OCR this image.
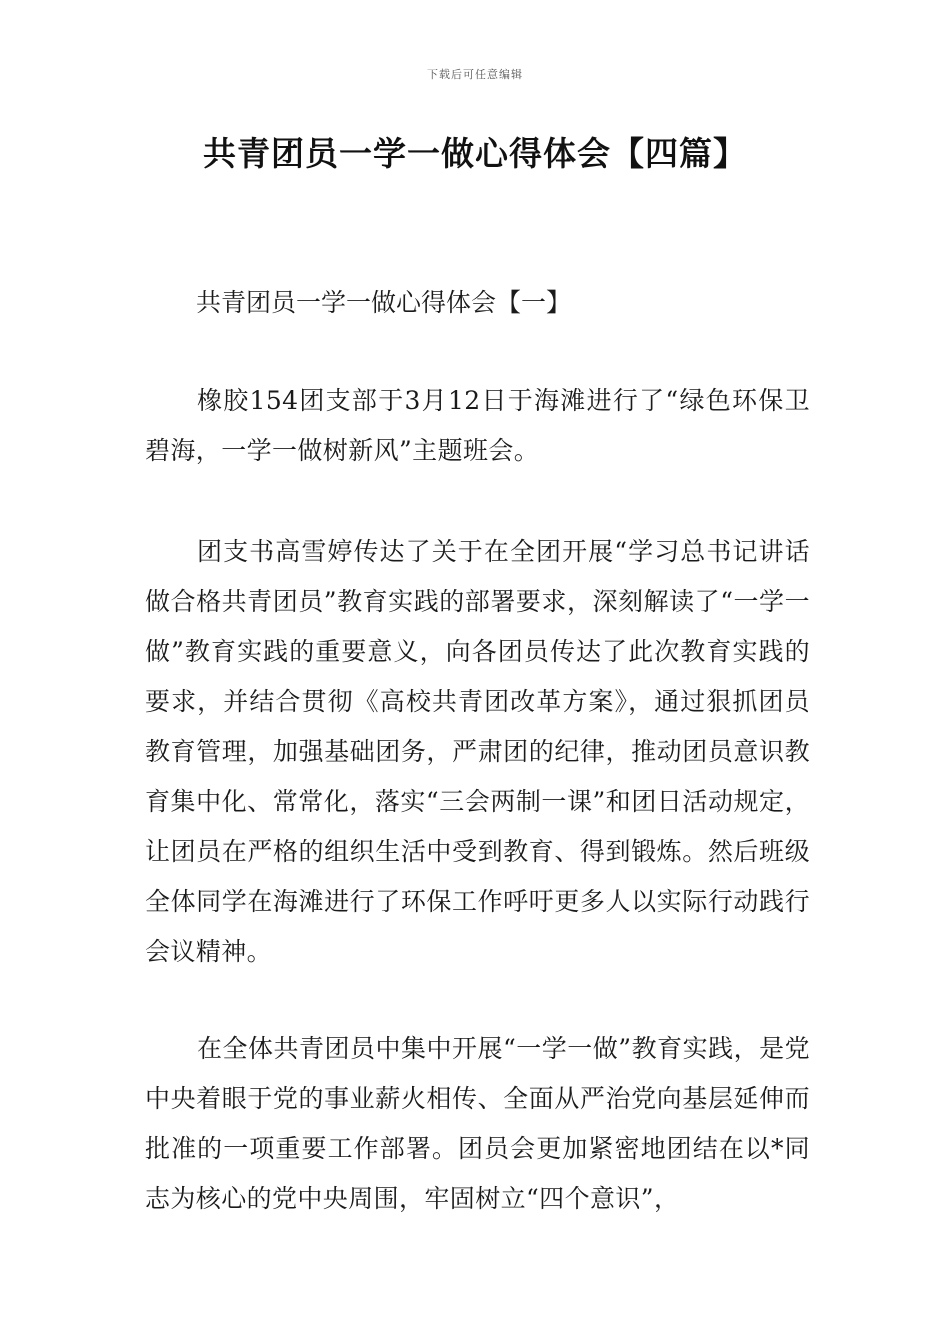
下载后可任意编辑
共青团员一学一做心得体会【四篇】
共青团员一学一做心得体会【一】

橡胶154团支部于3月12日于海滩进行了“绿色环保卫碧海，一学一做树新风”主题班会。

团支书高雪婷传达了关于在全团开展“学习总书记讲话做合格共青团员”教育实践的部署要求，深刻解读了“一学一做”教育实践的重要意义，向各团员传达了此次教育实践的要求，并结合贯彻《高校共青团改革方案》，通过狠抓团员教育管理，加强基础团务，严肃团的纪律，推动团员意识教育集中化、常常化，落实“三会两制一课”和团日活动规定，让团员在严格的组织生活中受到教育、得到锻炼。然后班级全体同学在海滩进行了环保工作呼吁更多人以实际行动践行会议精神。

在全体共青团员中集中开展“一学一做”教育实践，是党中央着眼于党的事业薪火相传、全面从严治党向基层延伸而批准的一项重要工作部署。团员会更加紧密地团结在以*同志为核心的党中央周围，牢固树立“四个意识”，
